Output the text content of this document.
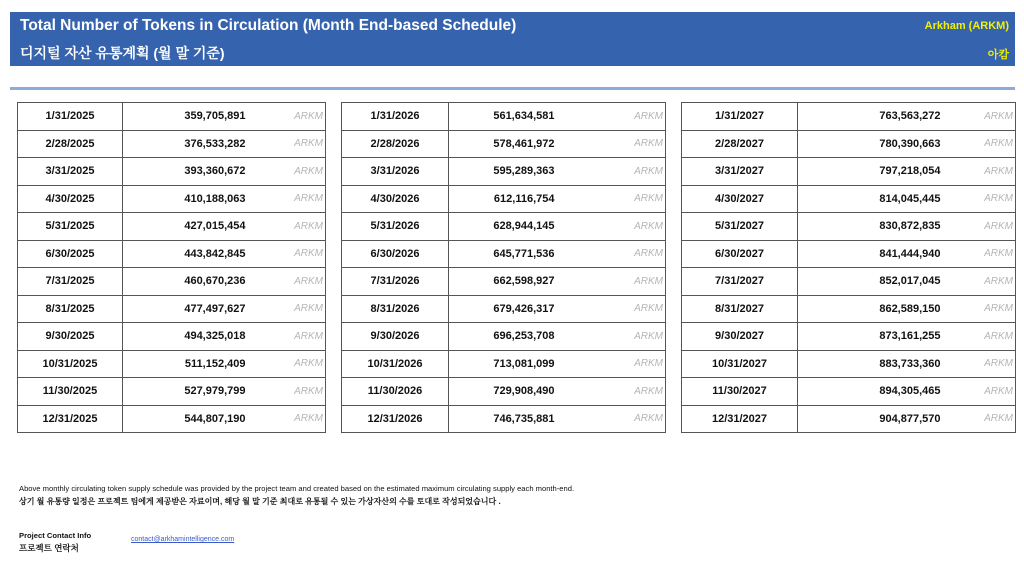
Total Number of Tokens in Circulation (Month End-based Schedule)
디지털 자산 유통계획 (월 말 기준)
Arkham (ARKM)
아캄
1/31/2025	359,705,891	ARKM
2/28/2025	376,533,282	ARKM
3/31/2025	393,360,672	ARKM
4/30/2025	410,188,063	ARKM
5/31/2025	427,015,454	ARKM
6/30/2025	443,842,845	ARKM
7/31/2025	460,670,236	ARKM
8/31/2025	477,497,627	ARKM
9/30/2025	494,325,018	ARKM
10/31/2025	511,152,409	ARKM
11/30/2025	527,979,799	ARKM
12/31/2025	544,807,190	ARKM
1/31/2026	561,634,581	ARKM
2/28/2026	578,461,972	ARKM
3/31/2026	595,289,363	ARKM
4/30/2026	612,116,754	ARKM
5/31/2026	628,944,145	ARKM
6/30/2026	645,771,536	ARKM
7/31/2026	662,598,927	ARKM
8/31/2026	679,426,317	ARKM
9/30/2026	696,253,708	ARKM
10/31/2026	713,081,099	ARKM
11/30/2026	729,908,490	ARKM
12/31/2026	746,735,881	ARKM
1/31/2027	763,563,272	ARKM
2/28/2027	780,390,663	ARKM
3/31/2027	797,218,054	ARKM
4/30/2027	814,045,445	ARKM
5/31/2027	830,872,835	ARKM
6/30/2027	841,444,940	ARKM
7/31/2027	852,017,045	ARKM
8/31/2027	862,589,150	ARKM
9/30/2027	873,161,255	ARKM
10/31/2027	883,733,360	ARKM
11/30/2027	894,305,465	ARKM
12/31/2027	904,877,570	ARKM
Above monthly circulating token supply schedule was provided by the project team and created based on the estimated maximum circulating supply each month-end.
상기 월 유통량 일정은 프로젝트 팀에게 제공받은 자료이며, 해당 월 말 기준 최대로 유통될 수 있는 가상자산의 수를 토대로 작성되었습니다 .
Project Contact Info
프로젝트 연락처
contact@arkhamintelligence.com
